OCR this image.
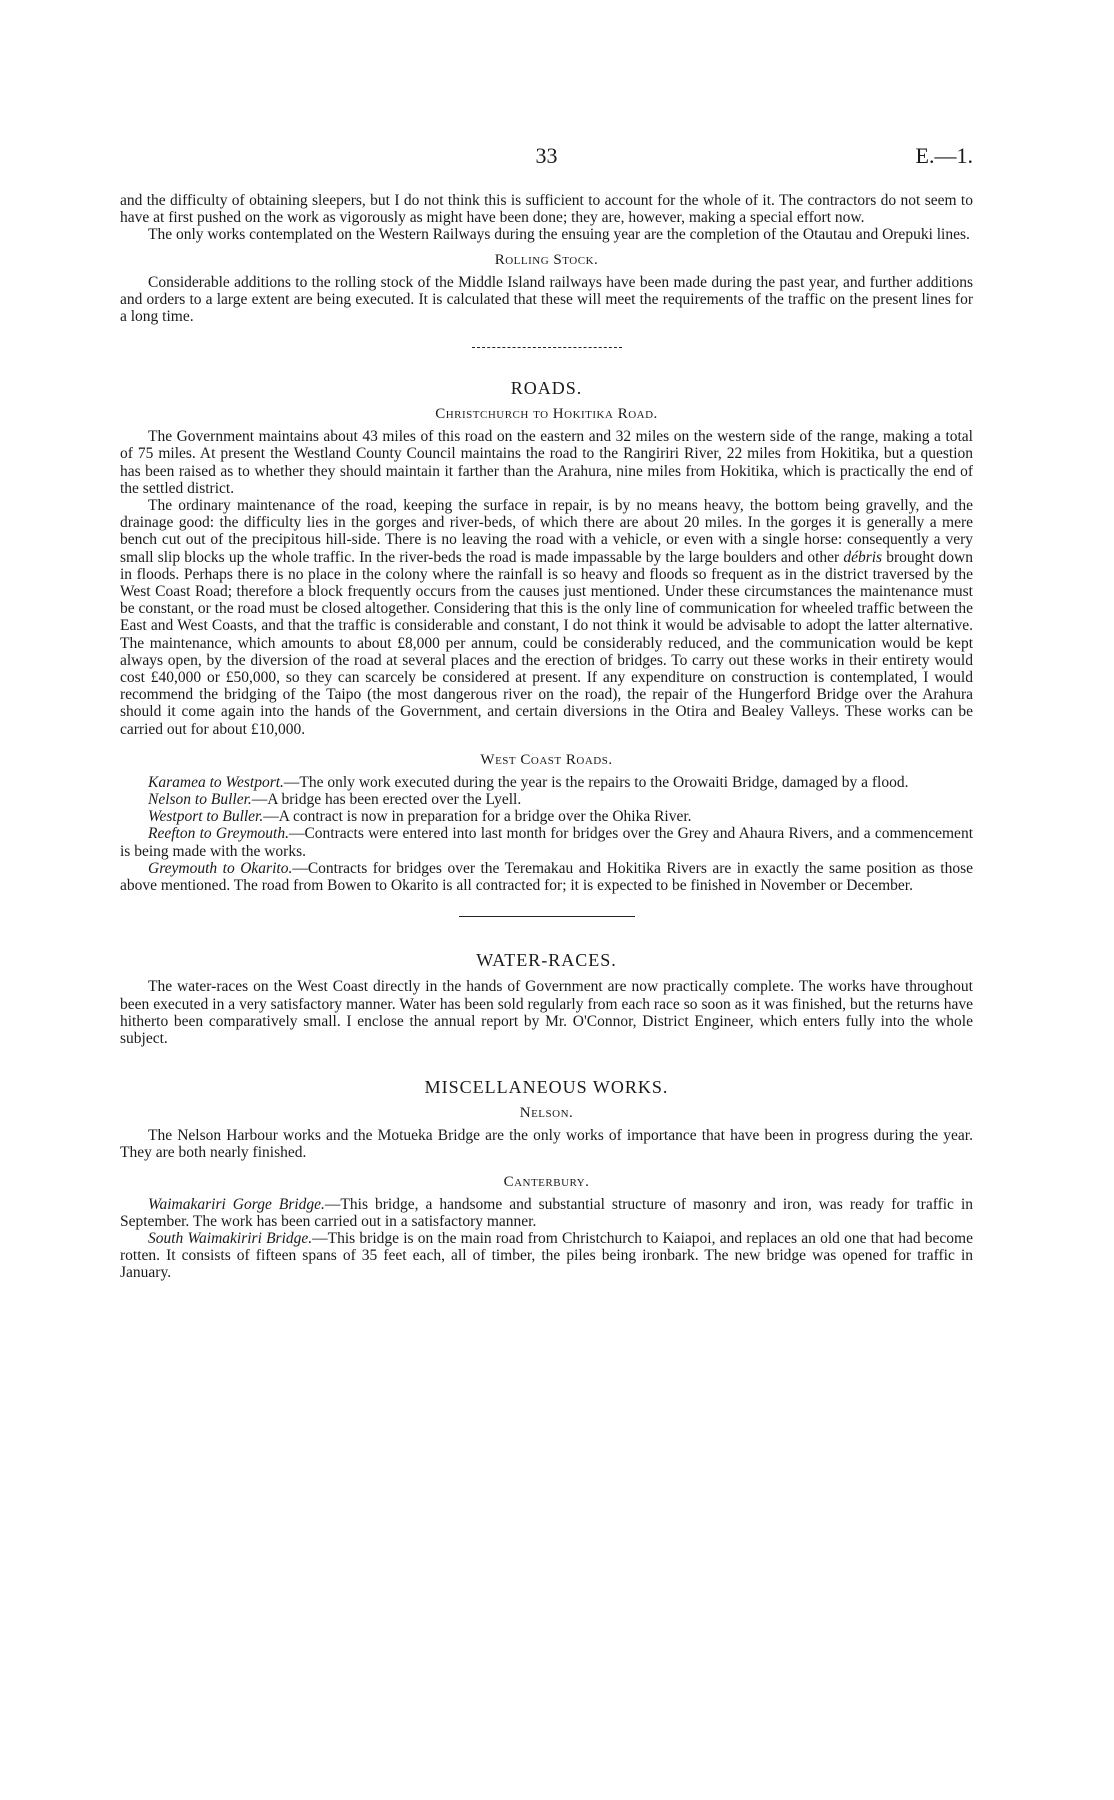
33	E.—1.

and the difficulty of obtaining sleepers, but I do not think this is sufficient to account for the whole of it. The contractors do not seem to have at first pushed on the work as vigorously as might have been done; they are, however, making a special effort now.

The only works contemplated on the Western Railways during the ensuing year are the completion of the Otautau and Orepuki lines.

Rolling Stock.

Considerable additions to the rolling stock of the Middle Island railways have been made during the past year, and further additions and orders to a large extent are being executed. It is calculated that these will meet the requirements of the traffic on the present lines for a long time.

ROADS.
Christchurch to Hokitika Road.

The Government maintains about 43 miles of this road on the eastern and 32 miles on the western side of the range, making a total of 75 miles. At present the Westland County Council maintains the road to the Rangiriri River, 22 miles from Hokitika, but a question has been raised as to whether they should maintain it farther than the Arahura, nine miles from Hokitika, which is practically the end of the settled district.

The ordinary maintenance of the road, keeping the surface in repair, is by no means heavy, the bottom being gravelly, and the drainage good: the difficulty lies in the gorges and river-beds, of which there are about 20 miles. In the gorges it is generally a mere bench cut out of the precipitous hill-side. There is no leaving the road with a vehicle, or even with a single horse: consequently a very small slip blocks up the whole traffic. In the river-beds the road is made impassable by the large boulders and other débris brought down in floods. Perhaps there is no place in the colony where the rainfall is so heavy and floods so frequent as in the district traversed by the West Coast Road; therefore a block frequently occurs from the causes just mentioned. Under these circumstances the maintenance must be constant, or the road must be closed altogether. Considering that this is the only line of communication for wheeled traffic between the East and West Coasts, and that the traffic is considerable and constant, I do not think it would be advisable to adopt the latter alternative. The maintenance, which amounts to about £8,000 per annum, could be considerably reduced, and the communication would be kept always open, by the diversion of the road at several places and the erection of bridges. To carry out these works in their entirety would cost £40,000 or £50,000, so they can scarcely be considered at present. If any expenditure on construction is contemplated, I would recommend the bridging of the Taipo (the most dangerous river on the road), the repair of the Hungerford Bridge over the Arahura should it come again into the hands of the Government, and certain diversions in the Otira and Bealey Valleys. These works can be carried out for about £10,000.

West Coast Roads.

Karamea to Westport.—The only work executed during the year is the repairs to the Orowaiti Bridge, damaged by a flood.

Nelson to Buller.—A bridge has been erected over the Lyell.

Westport to Buller.—A contract is now in preparation for a bridge over the Ohika River.

Reefton to Greymouth.—Contracts were entered into last month for bridges over the Grey and Ahaura Rivers, and a commencement is being made with the works.

Greymouth to Okarito.—Contracts for bridges over the Teremakau and Hokitika Rivers are in exactly the same position as those above mentioned. The road from Bowen to Okarito is all contracted for; it is expected to be finished in November or December.

WATER-RACES.

The water-races on the West Coast directly in the hands of Government are now practically complete. The works have throughout been executed in a very satisfactory manner. Water has been sold regularly from each race so soon as it was finished, but the returns have hitherto been comparatively small. I enclose the annual report by Mr. O'Connor, District Engineer, which enters fully into the whole subject.

MISCELLANEOUS WORKS.
Nelson.

The Nelson Harbour works and the Motueka Bridge are the only works of importance that have been in progress during the year. They are both nearly finished.

Canterbury.

Waimakariri Gorge Bridge.—This bridge, a handsome and substantial structure of masonry and iron, was ready for traffic in September. The work has been carried out in a satisfactory manner.

South Waimakiriri Bridge.—This bridge is on the main road from Christchurch to Kaiapoi, and replaces an old one that had become rotten. It consists of fifteen spans of 35 feet each, all of timber, the piles being ironbark. The new bridge was opened for traffic in January.
